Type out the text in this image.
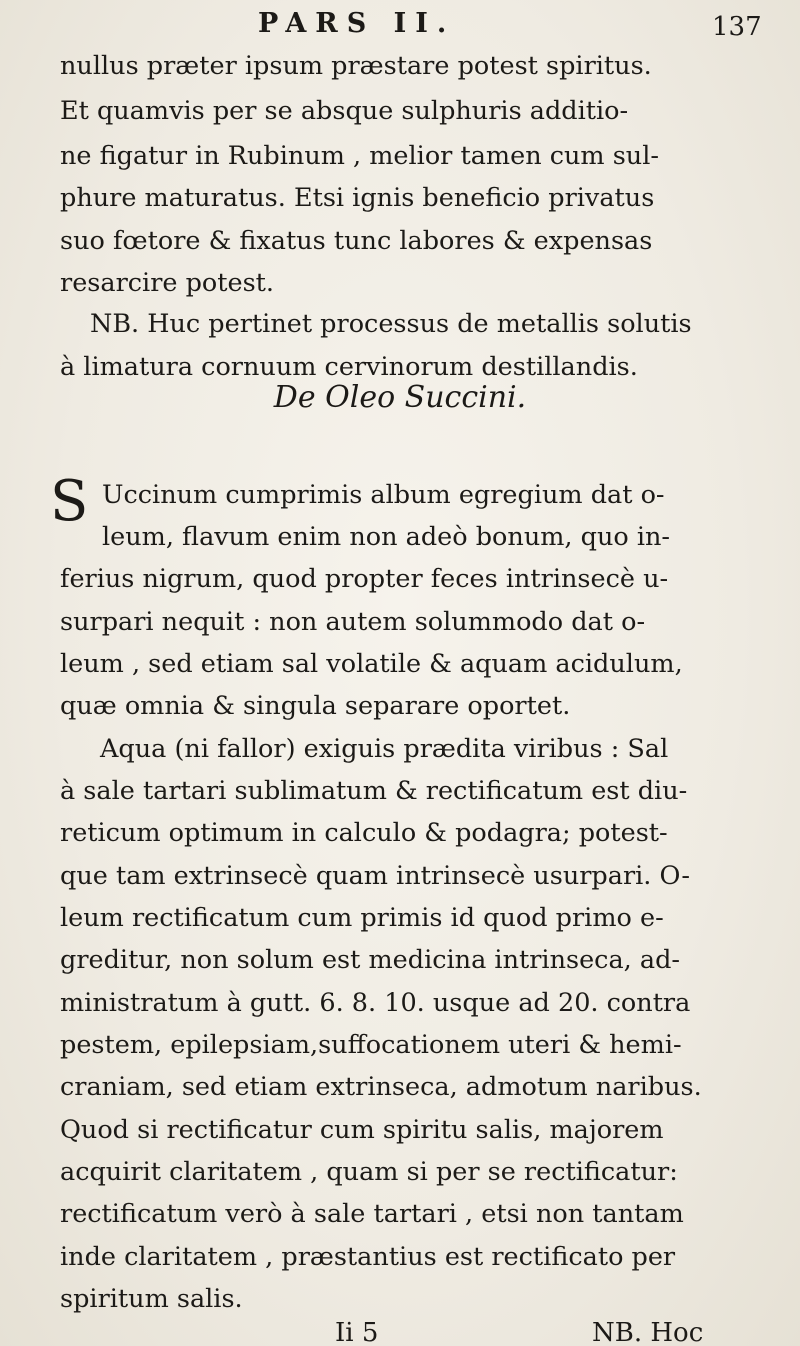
PARS II.	137
nullus præter ipsum præstare potest spiritus.
Et quamvis per se absque sulphuris additio-
ne figatur in Rubinum , melior tamen cum sul-
phure maturatus. Etsi ignis beneficio privatus
suo fœtore & fixatus tunc labores & expensas
resarcire potest.
NB. Huc pertinet processus de metallis solutis
à limatura cornuum cervinorum destillandis.
De Oleo Succini.
S Uccinum cumprimis album egregium dat o-
leum, flavum enim non adeò bonum, quo in-
ferius nigrum, quod propter feces intrinsecè u-
surpari nequit : non autem solummodo dat o-
leum , sed etiam sal volatile & aquam acidulum,
quæ omnia & singula separare oportet.
Aqua (ni fallor) exiguis prædita viribus : Sal
à sale tartari sublimatum & rectificatum est diu-
reticum optimum in calculo & podagra; potest-
que tam extrinsecè quam intrinsecè usurpari. O-
leum rectificatum cum primis id quod primo e-
greditur, non solum est medicina intrinseca, ad-
ministratum à gutt. 6. 8. 10. usque ad 20. contra
pestem, epilepsiam,suffocationem uteri & hemi-
craniam, sed etiam extrinseca, admotum naribus.
Quod si rectificatur cum spiritu salis, majorem
acquirit claritatem , quam si per se rectificatur:
rectificatum verò à sale tartari , etsi non tantam
inde claritatem , præstantius est rectificato per
spiritum salis.
Ii 5	NB. Hoc
